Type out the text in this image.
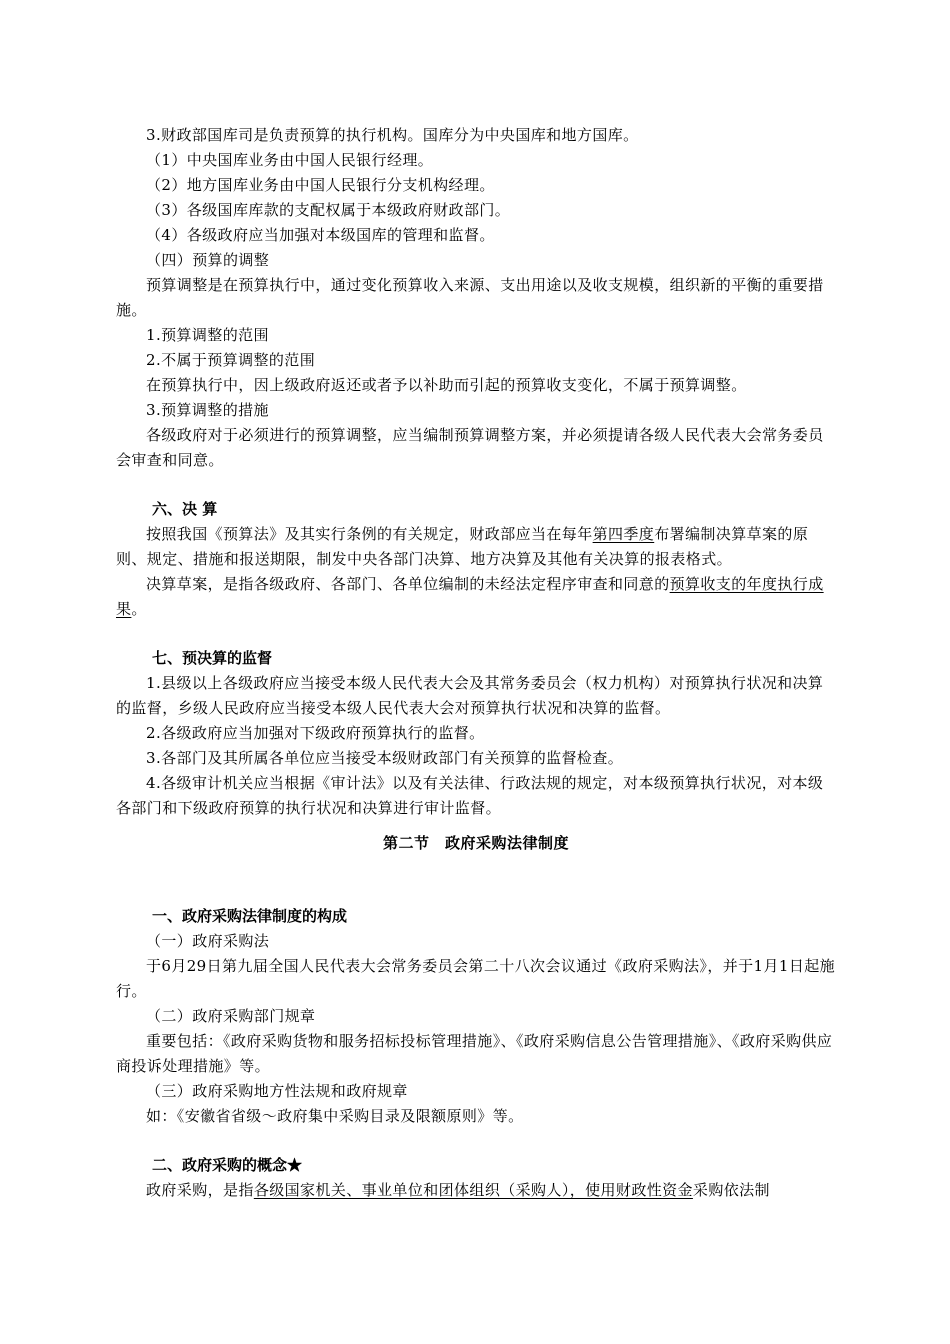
3.财政部国库司是负责预算的执行机构。国库分为中央国库和地方国库。

（1）中央国库业务由中国人民银行经理。

（2）地方国库业务由中国人民银行分支机构经理。

（3）各级国库库款的支配权属于本级政府财政部门。

（4）各级政府应当加强对本级国库的管理和监督。

（四）预算的调整

预算调整是在预算执行中，通过变化预算收入来源、支出用途以及收支规模，组织新的平衡的重要措施。

1.预算调整的范围

2.不属于预算调整的范围

在预算执行中，因上级政府返还或者予以补助而引起的预算收支变化，不属于预算调整。

3.预算调整的措施

各级政府对于必须进行的预算调整，应当编制预算调整方案，并必须提请各级人民代表大会常务委员会审查和同意。

六、决 算

按照我国《预算法》及其实行条例的有关规定，财政部应当在每年第四季度布署编制决算草案的原则、规定、措施和报送期限，制发中央各部门决算、地方决算及其他有关决算的报表格式。

决算草案，是指各级政府、各部门、各单位编制的未经法定程序审查和同意的预算收支的年度执行成果。

七、预决算的监督

1.县级以上各级政府应当接受本级人民代表大会及其常务委员会（权力机构）对预算执行状况和决算的监督，乡级人民政府应当接受本级人民代表大会对预算执行状况和决算的监督。

2.各级政府应当加强对下级政府预算执行的监督。

3.各部门及其所属各单位应当接受本级财政部门有关预算的监督检查。

4.各级审计机关应当根据《审计法》以及有关法律、行政法规的规定，对本级预算执行状况，对本级各部门和下级政府预算的执行状况和决算进行审计监督。

第二节　政府采购法律制度

一、政府采购法律制度的构成

（一）政府采购法

于6月29日第九届全国人民代表大会常务委员会第二十八次会议通过《政府采购法》，并于1月1日起施行。

（二）政府采购部门规章

重要包括：《政府采购货物和服务招标投标管理措施》、《政府采购信息公告管理措施》、《政府采购供应商投诉处理措施》等。

（三）政府采购地方性法规和政府规章

如：《安徽省省级～政府集中采购目录及限额原则》等。

二、政府采购的概念★

政府采购，是指各级国家机关、事业单位和团体组织（采购人），使用财政性资金采购依法制
